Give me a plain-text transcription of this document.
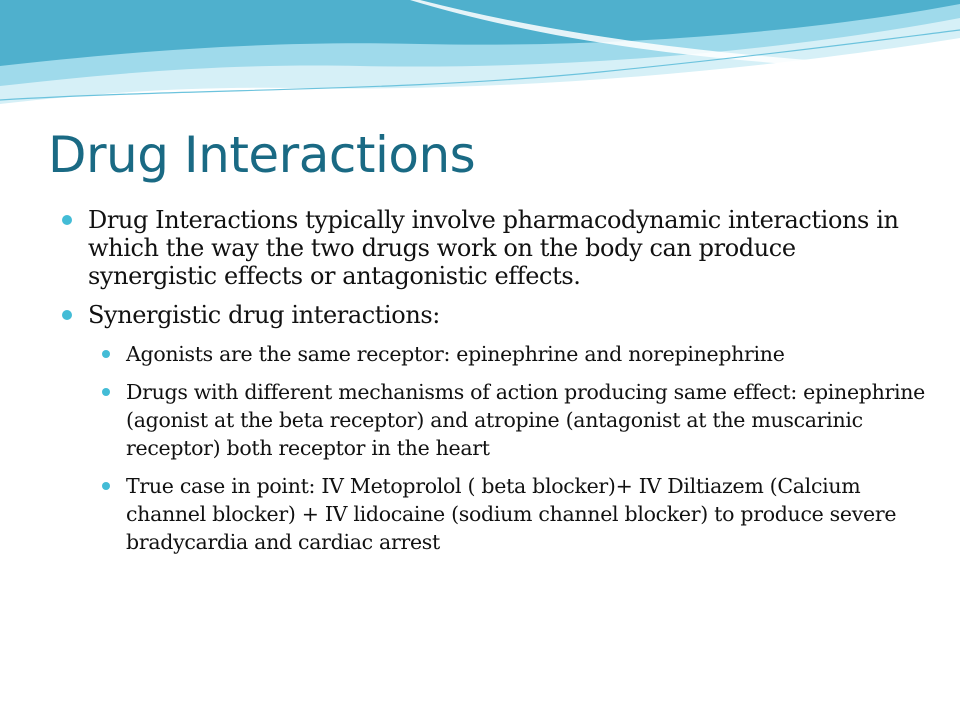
Drug Interactions

Drug Interactions typically involve pharmacodynamic interactions in which the way the two drugs work on the body can produce synergistic effects or antagonistic effects.

Synergistic drug interactions:

Agonists are the same receptor: epinephrine and norepinephrine

Drugs with different mechanisms of action producing same effect: epinephrine (agonist at the beta receptor) and atropine (antagonist at the muscarinic receptor) both receptor in the heart

True case in point: IV Metoprolol ( beta blocker)+ IV Diltiazem (Calcium channel blocker) + IV lidocaine (sodium channel blocker) to produce severe bradycardia and cardiac arrest
